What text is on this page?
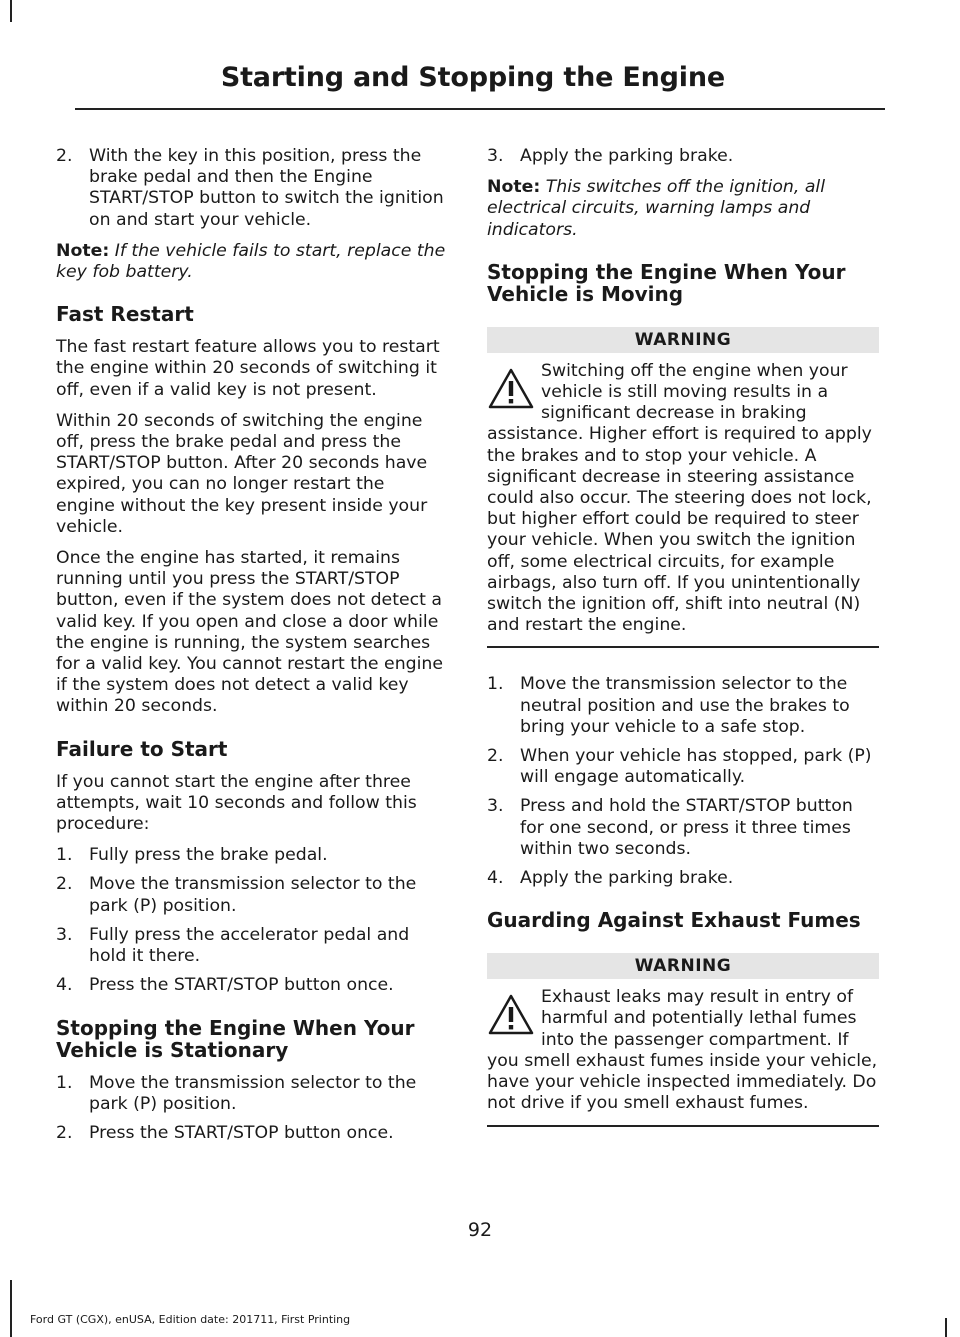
Starting and Stopping the Engine
2. With the key in this position, press the brake pedal and then the Engine START/STOP button to switch the ignition on and start your vehicle.

Note: If the vehicle fails to start, replace the key fob battery.

Fast Restart

The fast restart feature allows you to restart the engine within 20 seconds of switching it off, even if a valid key is not present.

Within 20 seconds of switching the engine off, press the brake pedal and press the START/STOP button. After 20 seconds have expired, you can no longer restart the engine without the key present inside your vehicle.

Once the engine has started, it remains running until you press the START/STOP button, even if the system does not detect a valid key. If you open and close a door while the engine is running, the system searches for a valid key. You cannot restart the engine if the system does not detect a valid key within 20 seconds.

Failure to Start

If you cannot start the engine after three attempts, wait 10 seconds and follow this procedure:

1. Fully press the brake pedal.
2. Move the transmission selector to the park (P) position.
3. Fully press the accelerator pedal and hold it there.
4. Press the START/STOP button once.
Stopping the Engine When Your Vehicle is Stationary
1. Move the transmission selector to the park (P) position.
2. Press the START/STOP button once.
3. Apply the parking brake.

Note: This switches off the ignition, all electrical circuits, warning lamps and indicators.

Stopping the Engine When Your Vehicle is Moving
WARNING

Switching off the engine when your vehicle is still moving results in a significant decrease in braking assistance. Higher effort is required to apply the brakes and to stop your vehicle. A significant decrease in steering assistance could also occur. The steering does not lock, but higher effort could be required to steer your vehicle. When you switch the ignition off, some electrical circuits, for example airbags, also turn off. If you unintentionally switch the ignition off, shift into neutral (N) and restart the engine.

1. Move the transmission selector to the neutral position and use the brakes to bring your vehicle to a safe stop.
2. When your vehicle has stopped, park (P) will engage automatically.
3. Press and hold the START/STOP button for one second, or press it three times within two seconds.
4. Apply the parking brake.
Guarding Against Exhaust Fumes
WARNING

Exhaust leaks may result in entry of harmful and potentially lethal fumes into the passenger compartment. If you smell exhaust fumes inside your vehicle, have your vehicle inspected immediately. Do not drive if you smell exhaust fumes.

92
Ford GT (CGX), enUSA, Edition date: 201711, First Printing
